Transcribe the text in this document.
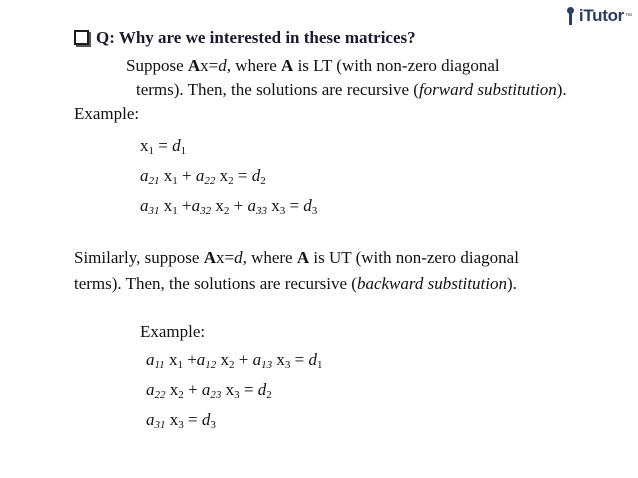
iTutor ™
Q: Why are we interested in these matrices?
Suppose Ax=d, where A is LT (with non-zero diagonal
terms). Then, the solutions are recursive (forward substitution).
Example:
$x_1 = d_1$
$a_{21}$ $x_1 + a_{22}$ $x_2 = d_2$
$a_{31}$ $x_1 +a_{32}$ $x_2 + a_{33}$ $x_3 = d_3$
Similarly, suppose Ax=d, where A is UT (with non-zero diagonal
terms). Then, the solutions are recursive (backward substitution).
Example:
$a_{11}$ $x_1 +a_{12}$ $x_2 + a_{13}$ $x_3 = d_1$
$a_{22}$ $x_2 + a_{23}$ $x_3 = d_2$
$a_{31}$ $x_3 = d_3$
